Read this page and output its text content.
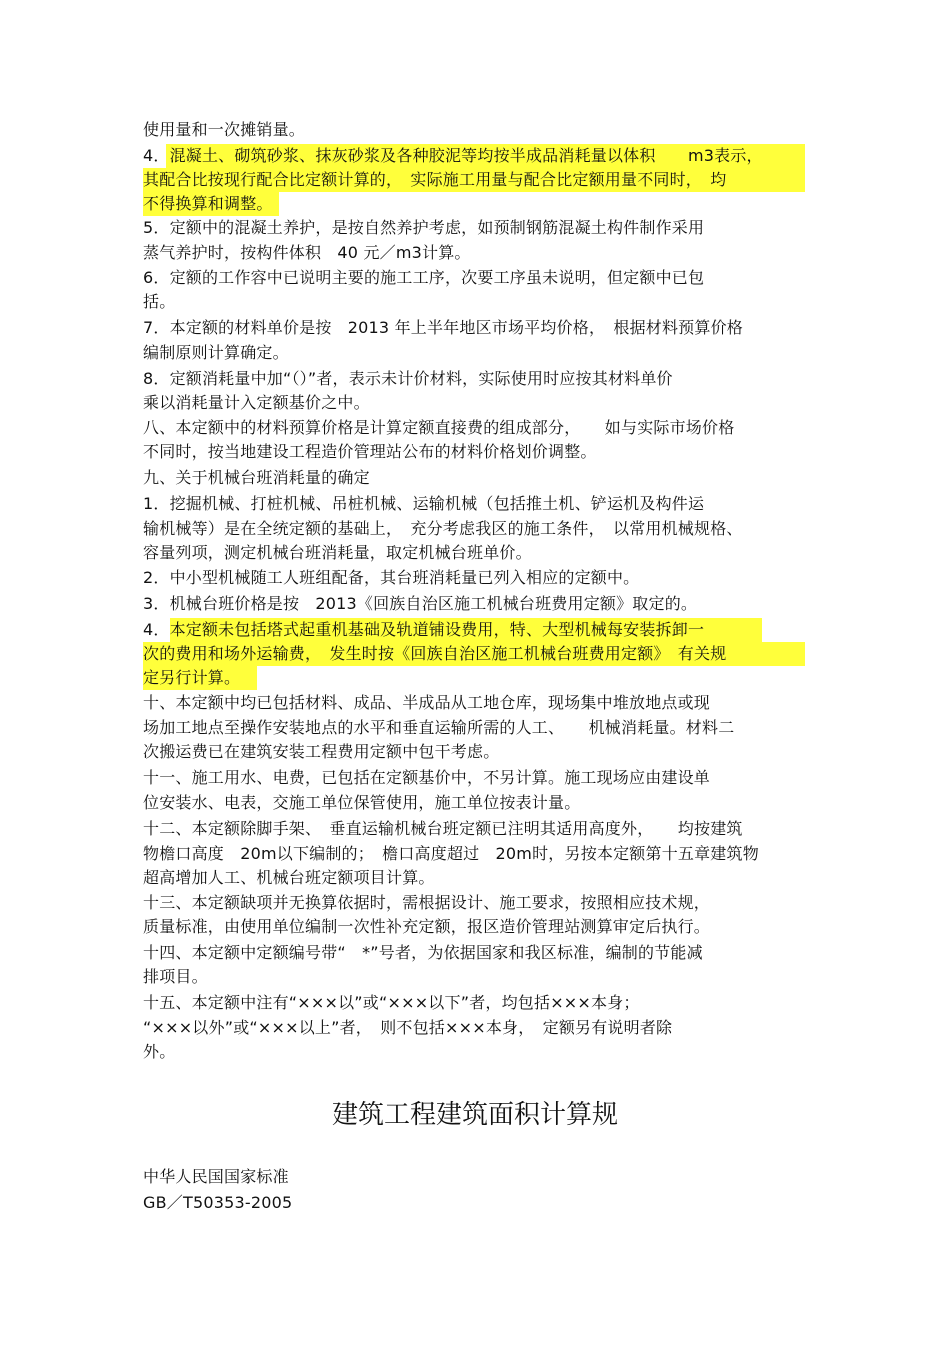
使用量和一次摊销量。
4．混凝土、砌筑砂浆、抹灰砂浆及各种胶泥等均按半成品消耗量以体积　　m3表示，
其配合比按现行配合比定额计算的，　实际施工用量与配合比定额用量不同时，　均
不得换算和调整。
5．定额中的混凝土养护，是按自然养护考虑，如预制钢筋混凝土构件制作采用
蒸气养护时，按构件体积　40 元／m3计算。
6．定额的工作容中已说明主要的施工工序，次要工序虽未说明，但定额中已包
括。
7．本定额的材料单价是按　2013 年上半年地区市场平均价格，　根据材料预算价格
编制原则计算确定。
8．定额消耗量中加“（）”者，表示未计价材料，实际使用时应按其材料单价
乘以消耗量计入定额基价之中。
八、本定额中的材料预算价格是计算定额直接费的组成部分，　　如与实际市场价格
不同时，按当地建设工程造价管理站公布的材料价格划价调整。
九、关于机械台班消耗量的确定
1．挖掘机械、打桩机械、吊桩机械、运输机械（包括推土机、铲运机及构件运
输机械等）是在全统定额的基础上，　充分考虑我区的施工条件，　以常用机械规格、
容量列项，测定机械台班消耗量，取定机械台班单价。
2．中小型机械随工人班组配备，其台班消耗量已列入相应的定额中。
3．机械台班价格是按　2013《回族自治区施工机械台班费用定额》取定的。
4．本定额未包括塔式起重机基础及轨道铺设费用，特、大型机械每安装拆卸一
次的费用和场外运输费，　发生时按《回族自治区施工机械台班费用定额》　有关规
定另行计算。
十、本定额中均已包括材料、成品、半成品从工地仓库，现场集中堆放地点或现
场加工地点至操作安装地点的水平和垂直运输所需的人工、　　机械消耗量。材料二
次搬运费已在建筑安装工程费用定额中包干考虑。
十一、施工用水、电费，已包括在定额基价中，不另计算。施工现场应由建设单
位安装水、电表，交施工单位保管使用，施工单位按表计量。
十二、本定额除脚手架、　垂直运输机械台班定额已注明其适用高度外，　　均按建筑
物檐口高度　20m以下编制的；　檐口高度超过　20m时，另按本定额第十五章建筑物
超高增加人工、机械台班定额项目计算。
十三、本定额缺项并无换算依据时，需根据设计、施工要求，按照相应技术规，
质量标准，由使用单位编制一次性补充定额，报区造价管理站测算审定后执行。
十四、本定额中定额编号带“　*”号者，为依据国家和我区标准，编制的节能减
排项目。
十五、本定额中注有“×××以”或“×××以下”者，均包括×××本身；
“×××以外”或“×××以上”者，　则不包括×××本身，　定额另有说明者除
外。
建筑工程建筑面积计算规
中华人民国国家标准
GB／T50353-2005
